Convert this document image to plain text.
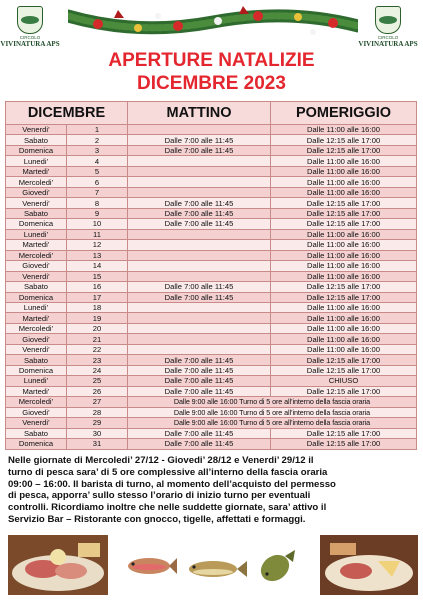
CIRCOLO
VIVINATURA APS
CIRCOLO
VIVINATURA APS
APERTURE NATALIZIE
DICEMBRE 2023
DICEMBRE		MATTINO	POMERIGGIO
Venerdi’	1		Dalle 11:00 alle 16:00
Sabato	2	Dalle 7:00 alle 11:45	Dalle 12:15 alle 17:00
Domenica	3	Dalle 7:00 alle 11:45	Dalle 12:15 alle 17:00
Lunedi’	4		Dalle 11:00 alle 16:00
Martedi’	5		Dalle 11:00 alle 16:00
Mercoledi’	6		Dalle 11:00 alle 16:00
Giovedi’	7		Dalle 11:00 alle 16:00
Venerdi’	8	Dalle 7:00 alle 11:45	Dalle 12:15 alle 17:00
Sabato	9	Dalle 7:00 alle 11:45	Dalle 12:15 alle 17:00
Domenica	10	Dalle 7:00 alle 11:45	Dalle 12:15 alle 17:00
Lunedi’	11		Dalle 11:00 alle 16:00
Martedi’	12		Dalle 11:00 alle 16:00
Mercoledi’	13		Dalle 11:00 alle 16:00
Giovedi’	14		Dalle 11:00 alle 16:00
Venerdi’	15		Dalle 11:00 alle 16:00
Sabato	16	Dalle 7:00 alle 11:45	Dalle 12:15 alle 17:00
Domenica	17	Dalle 7:00 alle 11:45	Dalle 12:15 alle 17:00
Lunedi’	18		Dalle 11:00 alle 16:00
Martedi’	19		Dalle 11:00 alle 16:00
Mercoledi’	20		Dalle 11:00 alle 16:00
Giovedi’	21		Dalle 11:00 alle 16:00
Venerdi’	22		Dalle 11:00 alle 16:00
Sabato	23	Dalle 7:00 alle 11:45	Dalle 12:15 alle 17:00
Domenica	24	Dalle 7:00 alle 11:45	Dalle 12:15 alle 17:00
Lunedi’	25	Dalle 7:00 alle 11:45	CHIUSO
Martedi’	26	Dalle 7:00 alle 11:45	Dalle 12:15 alle 17:00
Mercoledi’	27	Dalle 9:00 alle 16:00 Turno di 5 ore all’interno della fascia oraria	
Giovedi’	28	Dalle 9:00 alle 16:00 Turno di 5 ore all’interno della fascia oraria	
Venerdi’	29	Dalle 9:00 alle 16:00 Turno di 5 ore all’interno della fascia oraria	
Sabato	30	Dalle 7:00 alle 11:45	Dalle 12:15 alle 17:00
Domenica	31	Dalle 7:00 alle 11:45	Dalle 12:15 alle 17:00
Nelle giornate di Mercoledi’ 27/12 - Giovedi’ 28/12 e Venerdi’ 29/12 il
turno di pesca sara’ di 5 ore complessive all’interno della fascia oraria
09:00 – 16:00. Il barista di turno, al momento dell’acquisto del permesso
di pesca, apporra’ sullo stesso l’orario di inizio turno per eventuali
controlli. Ricordiamo inoltre che nelle suddette giornate, sara’ attivo il
Servizio Bar – Ristorante con gnocco, tigelle, affettati e formaggi.
